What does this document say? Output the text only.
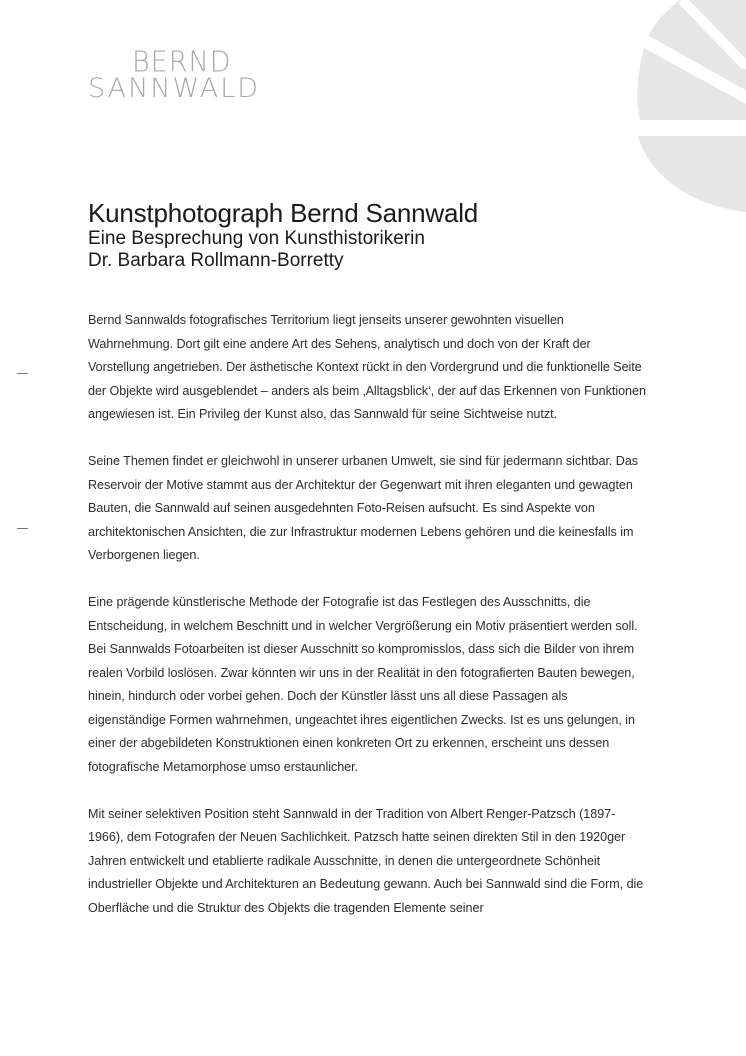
BERND
SANNWALD
Kunstphotograph Bernd Sannwald

Eine Besprechung von Kunsthistorikerin

Dr. Barbara Rollmann-Borretty

Bernd Sannwalds fotografisches Territorium liegt jenseits unserer gewohnten visuellen Wahrnehmung. Dort gilt eine andere Art des Sehens, analytisch und doch von der Kraft der Vorstellung angetrieben. Der ästhetische Kontext rückt in den Vordergrund und die funktionelle Seite der Objekte wird ausgeblendet – anders als beim ‚Alltagsblick‘, der auf das Erkennen von Funktionen angewiesen ist. Ein Privileg der Kunst also, das Sannwald für seine Sichtweise nutzt.

Seine Themen findet er gleichwohl in unserer urbanen Umwelt, sie sind für jedermann sichtbar. Das Reservoir der Motive stammt aus der Architektur der Gegenwart mit ihren eleganten und gewagten Bauten, die Sannwald auf seinen ausgedehnten Foto-Reisen aufsucht. Es sind Aspekte von architektonischen Ansichten, die zur Infrastruktur modernen Lebens gehören und die keinesfalls im Verborgenen liegen.

Eine prägende künstlerische Methode der Fotografie ist das Festlegen des Ausschnitts, die Entscheidung, in welchem Beschnitt und in welcher Vergrößerung ein Motiv präsentiert werden soll. Bei Sannwalds Fotoarbeiten ist dieser Ausschnitt so kompromisslos, dass sich die Bilder von ihrem realen Vorbild loslösen. Zwar könnten wir uns in der Realität in den fotografierten Bauten bewegen, hinein, hindurch oder vorbei gehen. Doch der Künstler lässt uns all diese Passagen als eigenständige Formen wahrnehmen, ungeachtet ihres eigentlichen Zwecks. Ist es uns gelungen, in einer der abgebildeten Konstruktionen einen konkreten Ort zu erkennen, erscheint uns dessen fotografische Metamorphose umso erstaunlicher.

Mit seiner selektiven Position steht Sannwald in der Tradition von Albert Renger-Patzsch (1897-1966), dem Fotografen der Neuen Sachlichkeit. Patzsch hatte seinen direkten Stil in den 1920ger Jahren entwickelt und etablierte radikale Ausschnitte, in denen die untergeordnete Schönheit industrieller Objekte und Architekturen an Bedeutung gewann. Auch bei Sannwald sind die Form, die Oberfläche und die Struktur des Objekts die tragenden Elemente seiner
